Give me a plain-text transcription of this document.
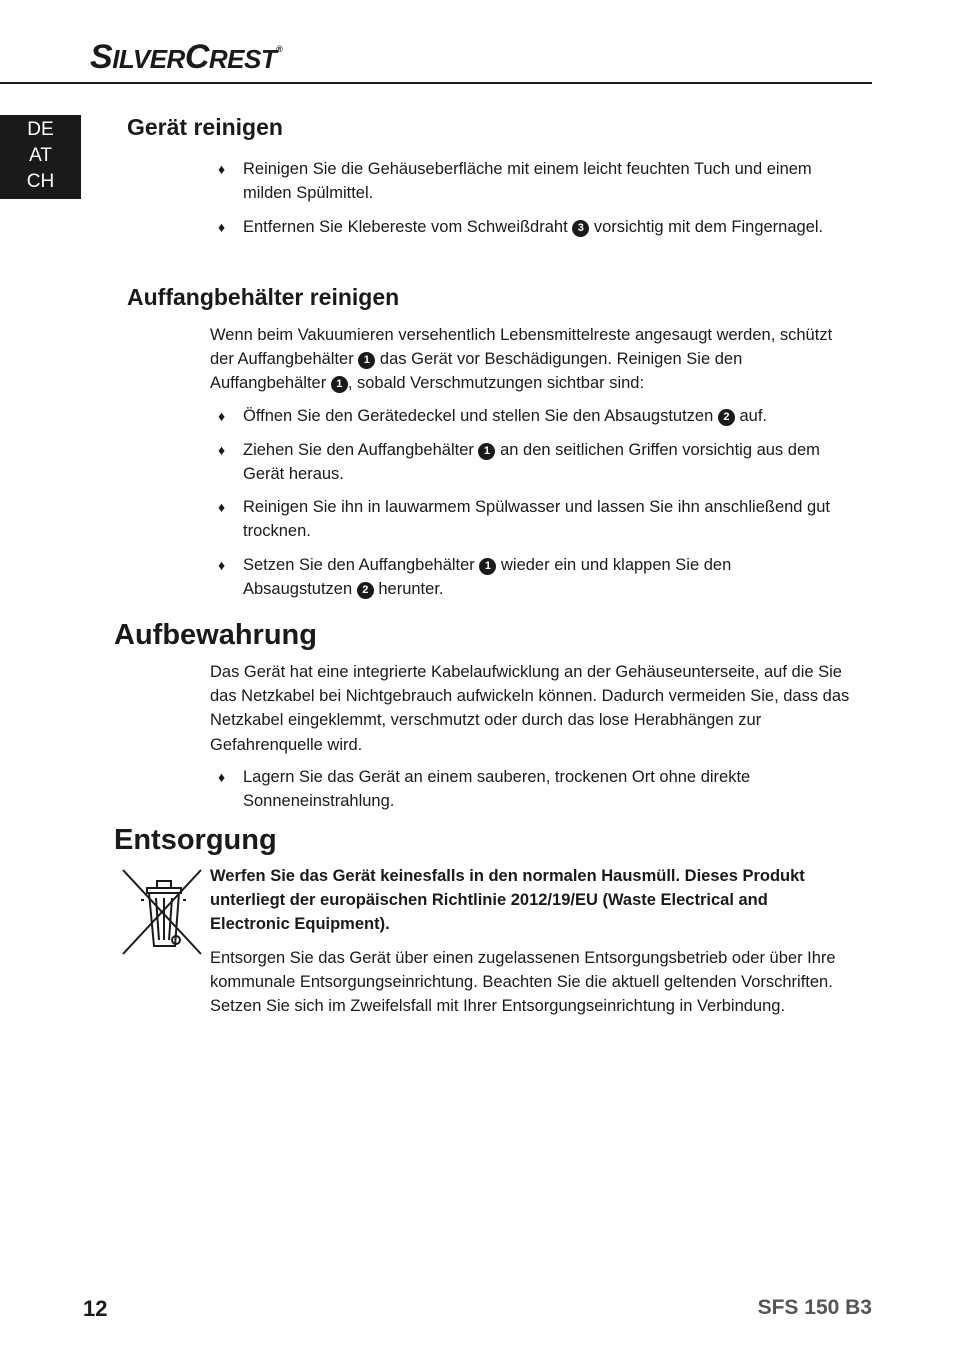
SILVERCREST®
DE
AT
CH
Gerät reinigen
♦ Reinigen Sie die Gehäuseberfläche mit einem leicht feuchten Tuch und einem milden Spülmittel.
♦ Entfernen Sie Klebereste vom Schweißdraht 3 vorsichtig mit dem Fingernagel.
Auffangbehälter reinigen

Wenn beim Vakuumieren versehentlich Lebensmittelreste angesaugt werden, schützt der Auffangbehälter 1 das Gerät vor Beschädigungen. Reinigen Sie den Auffangbehälter 1 , sobald Verschmutzungen sichtbar sind:

♦ Öffnen Sie den Gerätedeckel und stellen Sie den Absaugstutzen 2 auf.
♦ Ziehen Sie den Auffangbehälter 1 an den seitlichen Griffen vorsichtig aus dem Gerät heraus.
♦ Reinigen Sie ihn in lauwarmem Spülwasser und lassen Sie ihn anschließend gut trocknen.
♦ Setzen Sie den Auffangbehälter 1 wieder ein und klappen Sie den Absaugstutzen 2 herunter.
Aufbewahrung

Das Gerät hat eine integrierte Kabelaufwicklung an der Gehäuseunterseite, auf die Sie das Netzkabel bei Nichtgebrauch aufwickeln können. Dadurch vermeiden Sie, dass das Netzkabel eingeklemmt, verschmutzt oder durch das lose Herabhängen zur Gefahrenquelle wird.

♦ Lagern Sie das Gerät an einem sauberen, trockenen Ort ohne direkte Sonneneinstrahlung.
Entsorgung

Werfen Sie das Gerät keinesfalls in den normalen Hausmüll. Dieses Produkt unterliegt der europäischen Richtlinie 2012/19/EU (Waste Electrical and Electronic Equipment).

Entsorgen Sie das Gerät über einen zugelassenen Entsorgungsbetrieb oder über Ihre kommunale Entsorgungseinrichtung. Beachten Sie die aktuell geltenden Vorschriften. Setzen Sie sich im Zweifelsfall mit Ihrer Entsorgungseinrichtung in Verbindung.

12	SFS 150 B3
